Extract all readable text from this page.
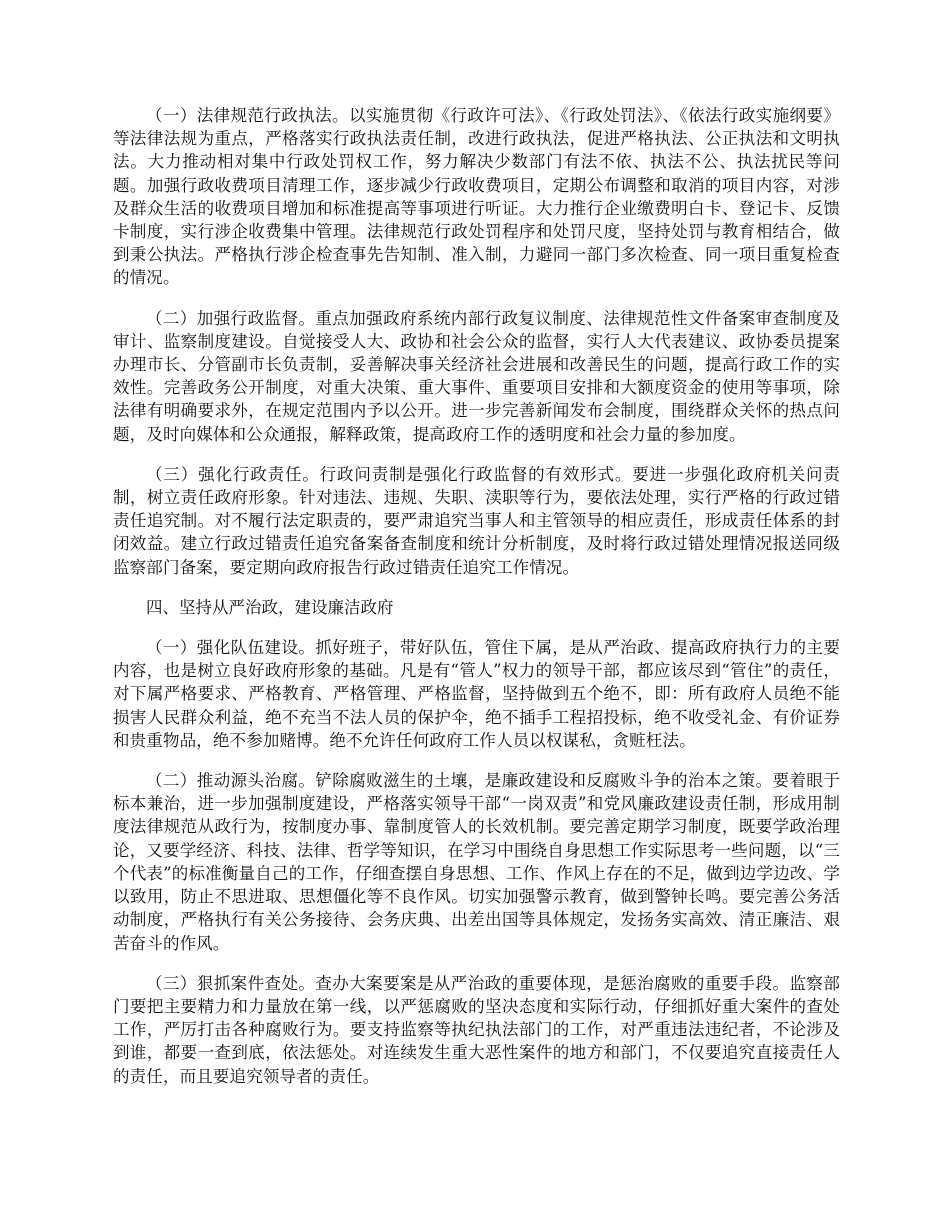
（一）法律规范行政执法。以实施贯彻《行政许可法》、《行政处罚法》、《依法行政实施纲要》等法律法规为重点，严格落实行政执法责任制，改进行政执法，促进严格执法、公正执法和文明执法。大力推动相对集中行政处罚权工作，努力解决少数部门有法不依、执法不公、执法扰民等问题。加强行政收费项目清理工作，逐步减少行政收费项目，定期公布调整和取消的项目内容，对涉及群众生活的收费项目增加和标准提高等事项进行听证。大力推行企业缴费明白卡、登记卡、反馈卡制度，实行涉企收费集中管理。法律规范行政处罚程序和处罚尺度，坚持处罚与教育相结合，做到秉公执法。严格执行涉企检查事先告知制、准入制，力避同一部门多次检查、同一项目重复检查的情况。

（二）加强行政监督。重点加强政府系统内部行政复议制度、法律规范性文件备案审查制度及审计、监察制度建设。自觉接受人大、政协和社会公众的监督，实行人大代表建议、政协委员提案办理市长、分管副市长负责制，妥善解决事关经济社会进展和改善民生的问题，提高行政工作的实效性。完善政务公开制度，对重大决策、重大事件、重要项目安排和大额度资金的使用等事项，除法律有明确要求外，在规定范围内予以公开。进一步完善新闻发布会制度，围绕群众关怀的热点问题，及时向媒体和公众通报，解释政策，提高政府工作的透明度和社会力量的参加度。

（三）强化行政责任。行政问责制是强化行政监督的有效形式。要进一步强化政府机关问责制，树立责任政府形象。针对违法、违规、失职、渎职等行为，要依法处理，实行严格的行政过错责任追究制。对不履行法定职责的，要严肃追究当事人和主管领导的相应责任，形成责任体系的封闭效益。建立行政过错责任追究备案备查制度和统计分析制度，及时将行政过错处理情况报送同级监察部门备案，要定期向政府报告行政过错责任追究工作情况。

四、坚持从严治政，建设廉洁政府

（一）强化队伍建设。抓好班子，带好队伍，管住下属，是从严治政、提高政府执行力的主要内容，也是树立良好政府形象的基础。凡是有“管人”权力的领导干部，都应该尽到“管住”的责任，对下属严格要求、严格教育、严格管理、严格监督，坚持做到五个绝不，即：所有政府人员绝不能损害人民群众利益，绝不充当不法人员的保护伞，绝不插手工程招投标，绝不收受礼金、有价证券和贵重物品，绝不参加赌博。绝不允许任何政府工作人员以权谋私，贪赃枉法。

（二）推动源头治腐。铲除腐败滋生的土壤，是廉政建设和反腐败斗争的治本之策。要着眼于标本兼治，进一步加强制度建设，严格落实领导干部“一岗双责”和党风廉政建设责任制，形成用制度法律规范从政行为，按制度办事、靠制度管人的长效机制。要完善定期学习制度，既要学政治理论，又要学经济、科技、法律、哲学等知识，在学习中围绕自身思想工作实际思考一些问题，以“三个代表”的标准衡量自己的工作，仔细查摆自身思想、工作、作风上存在的不足，做到边学边改、学以致用，防止不思进取、思想僵化等不良作风。切实加强警示教育，做到警钟长鸣。要完善公务活动制度，严格执行有关公务接待、会务庆典、出差出国等具体规定，发扬务实高效、清正廉洁、艰苦奋斗的作风。

（三）狠抓案件查处。查办大案要案是从严治政的重要体现，是惩治腐败的重要手段。监察部门要把主要精力和力量放在第一线，以严惩腐败的坚决态度和实际行动，仔细抓好重大案件的查处工作，严厉打击各种腐败行为。要支持监察等执纪执法部门的工作，对严重违法违纪者，不论涉及到谁，都要一查到底，依法惩处。对连续发生重大恶性案件的地方和部门，不仅要追究直接责任人的责任，而且要追究领导者的责任。
